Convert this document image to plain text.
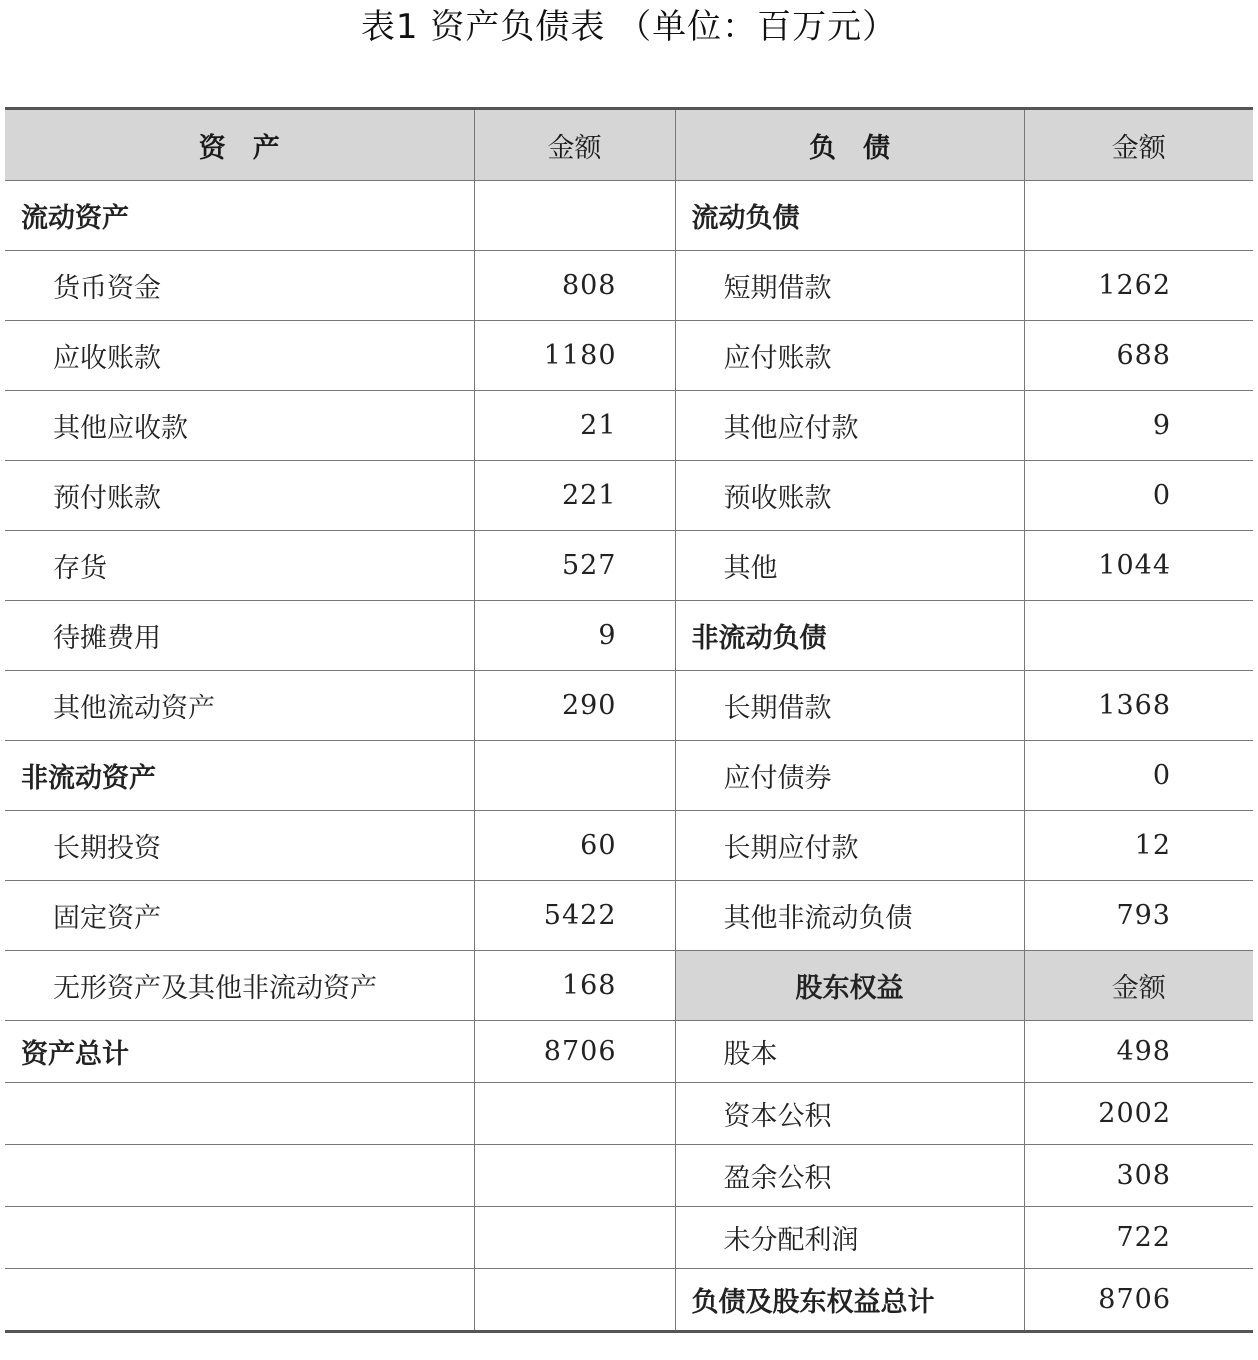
表1 资产负债表 （单位：百万元）
资　产	金额	负　债	金额
流动资产		流动负债	
货币资金	808	短期借款	1262
应收账款	1180	应付账款	688
其他应收款	21	其他应付款	9
预付账款	221	预收账款	0
存货	527	其他	1044
待摊费用	9	非流动负债	
其他流动资产	290	长期借款	1368
非流动资产		应付债券	0
长期投资	60	长期应付款	12
固定资产	5422	其他非流动负债	793
无形资产及其他非流动资产	168	股东权益	金额
资产总计	8706	股本	498
		资本公积	2002
		盈余公积	308
		未分配利润	722
		负债及股东权益总计	8706
